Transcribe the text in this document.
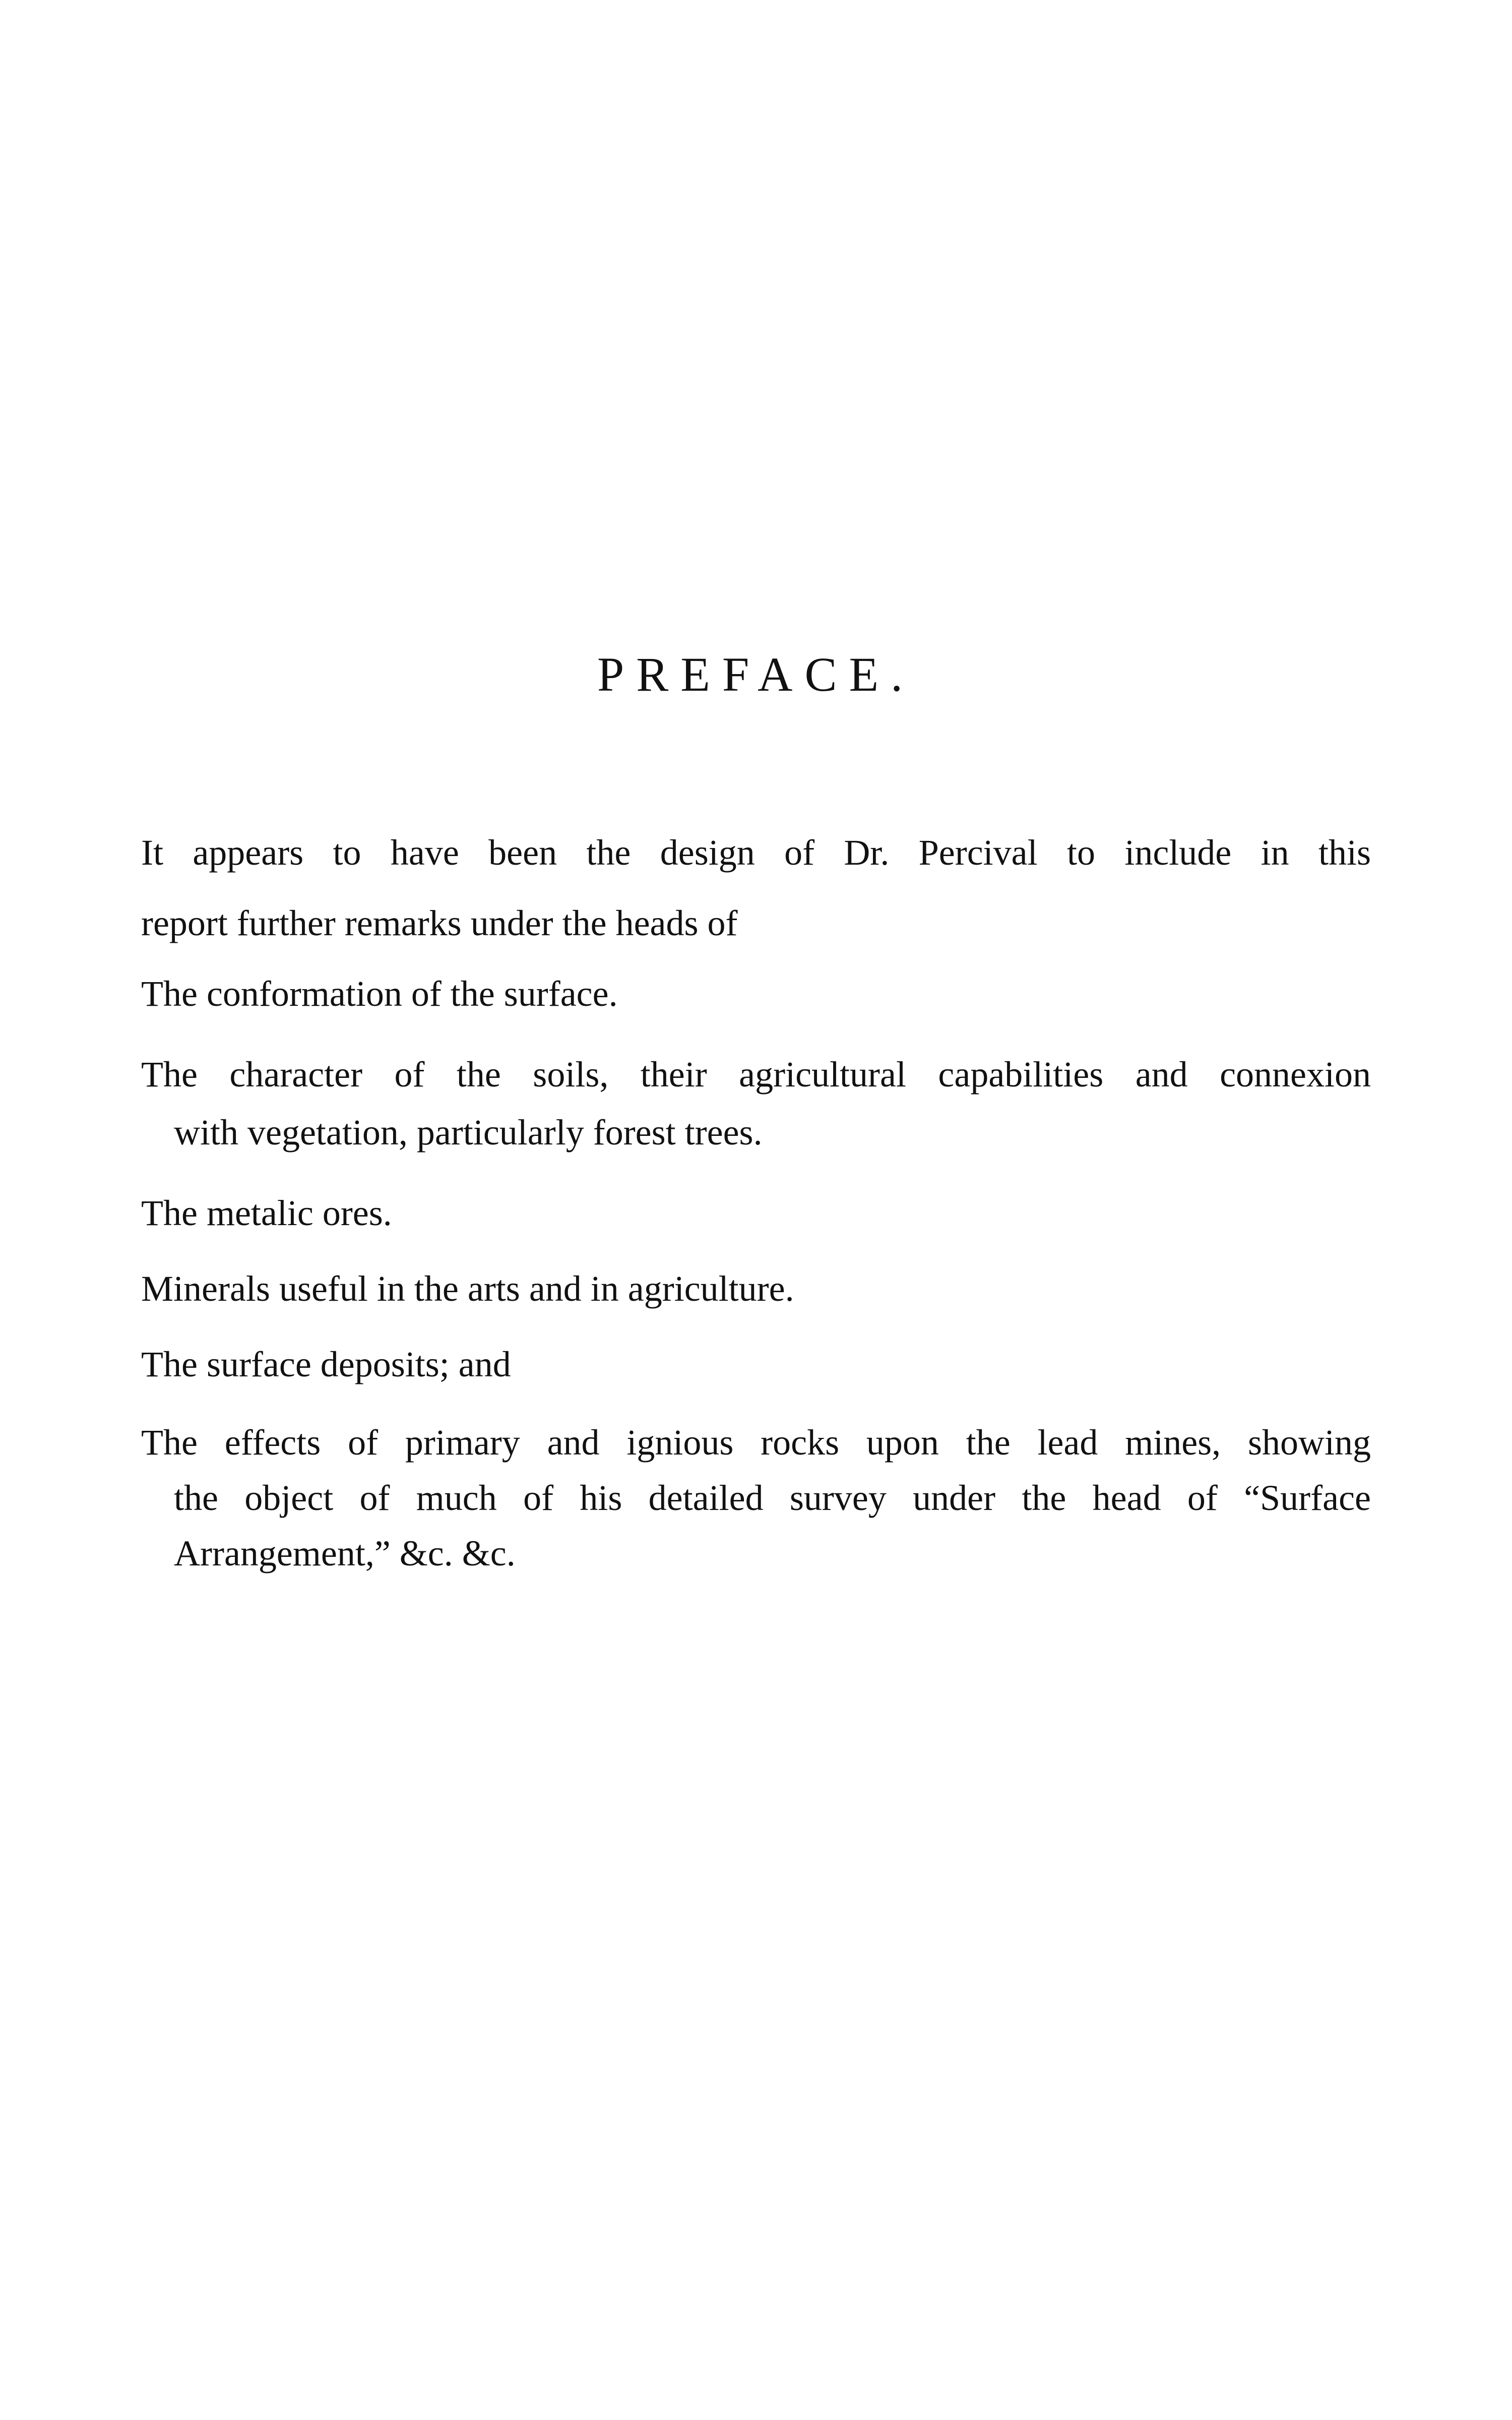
PREFACE.
It appears to have been the design of Dr. Percival to include in this
report further remarks under the heads of
The conformation of the surface.
The character of the soils, their agricultural capabilities and connexion
with vegetation, particularly forest trees.
The metalic ores.
Minerals useful in the arts and in agriculture.
The surface deposits; and
The effects of primary and ignious rocks upon the lead mines, showing
the object of much of his detailed survey under the head of “Surface
Arrangement,” &c. &c.
